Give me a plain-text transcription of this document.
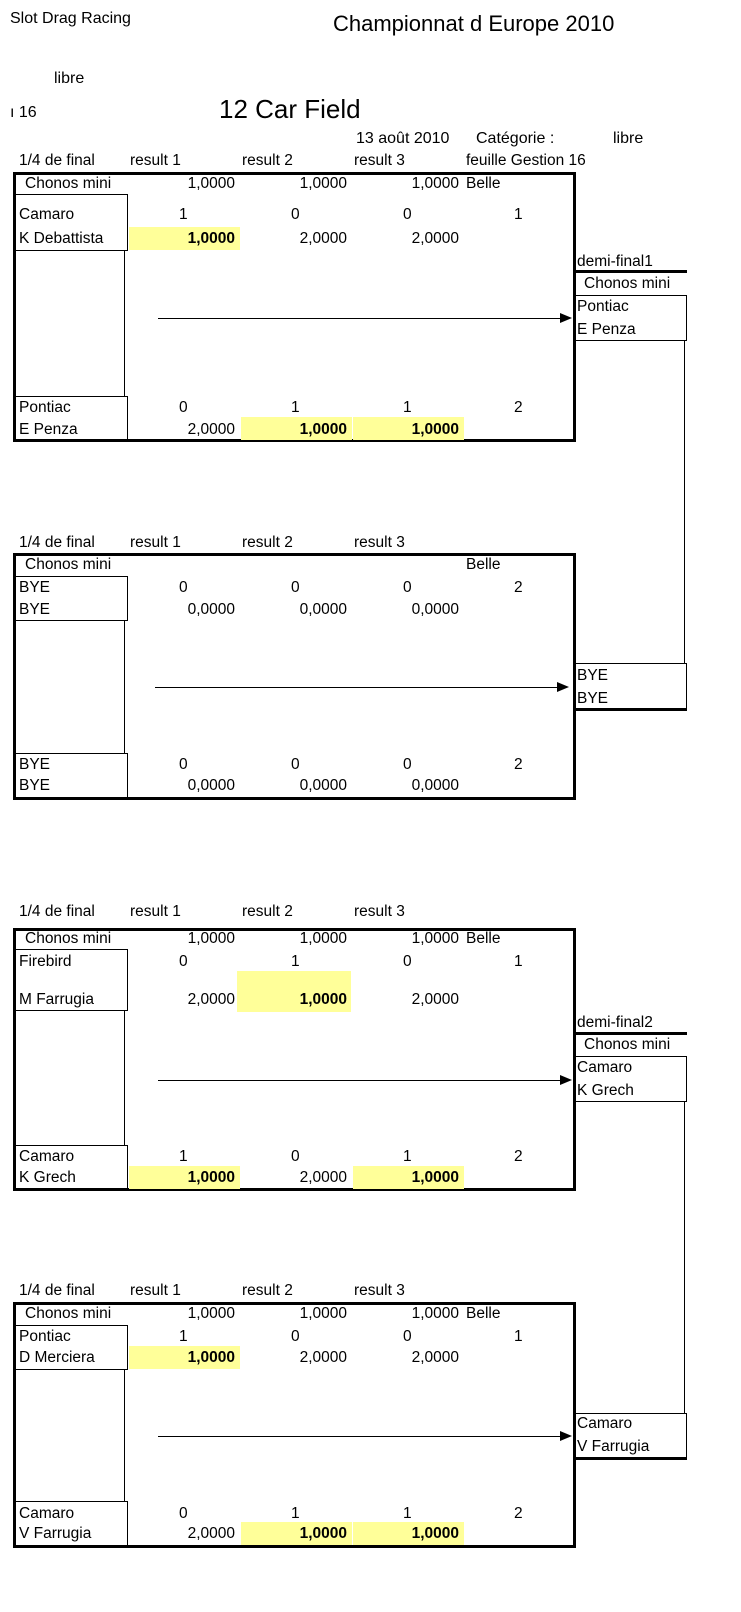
Slot Drag Racing	Championnat d Europe 2010
libre
ı 16	12 Car Field
13 août 2010 Catégorie :	libre
1/4 de final result 1	result 2	result 3	feuille Gestion 16
Chonos mini	1,0000	1,0000	1,0000 Belle
Camaro
K Debattista
1	0	0	1
1,0000	2,0000	2,0000
Pontiac
E Penza
0	1	1	2
2,0000	1,0000	1,0000
1/4 de final result 1	result 2	result 3
Chonos mini	Belle
BYE
BYE
0	0	0	2
0,0000	0,0000	0,0000
BYE
BYE
0	0	0	2
0,0000	0,0000	0,0000
demi-final1
Chonos mini
Pontiac
E Penza
BYE
BYE
1/4 de final result 1	result 2	result 3
Chonos mini	1,0000	1,0000	1,0000 Belle
Firebird
M Farrugia
0	1	0	1
2,0000	1,0000	2,0000
Camaro
K Grech
1	0	1	2
1,0000	2,0000	1,0000
1/4 de final result 1	result 2	result 3
Chonos mini	1,0000	1,0000	1,0000 Belle
Pontiac
D Merciera
1	0	0	1
1,0000	2,0000	2,0000
Camaro
V Farrugia
0	1	1	2
2,0000	1,0000	1,0000
demi-final2
Chonos mini
Camaro
K Grech
Camaro
V Farrugia
